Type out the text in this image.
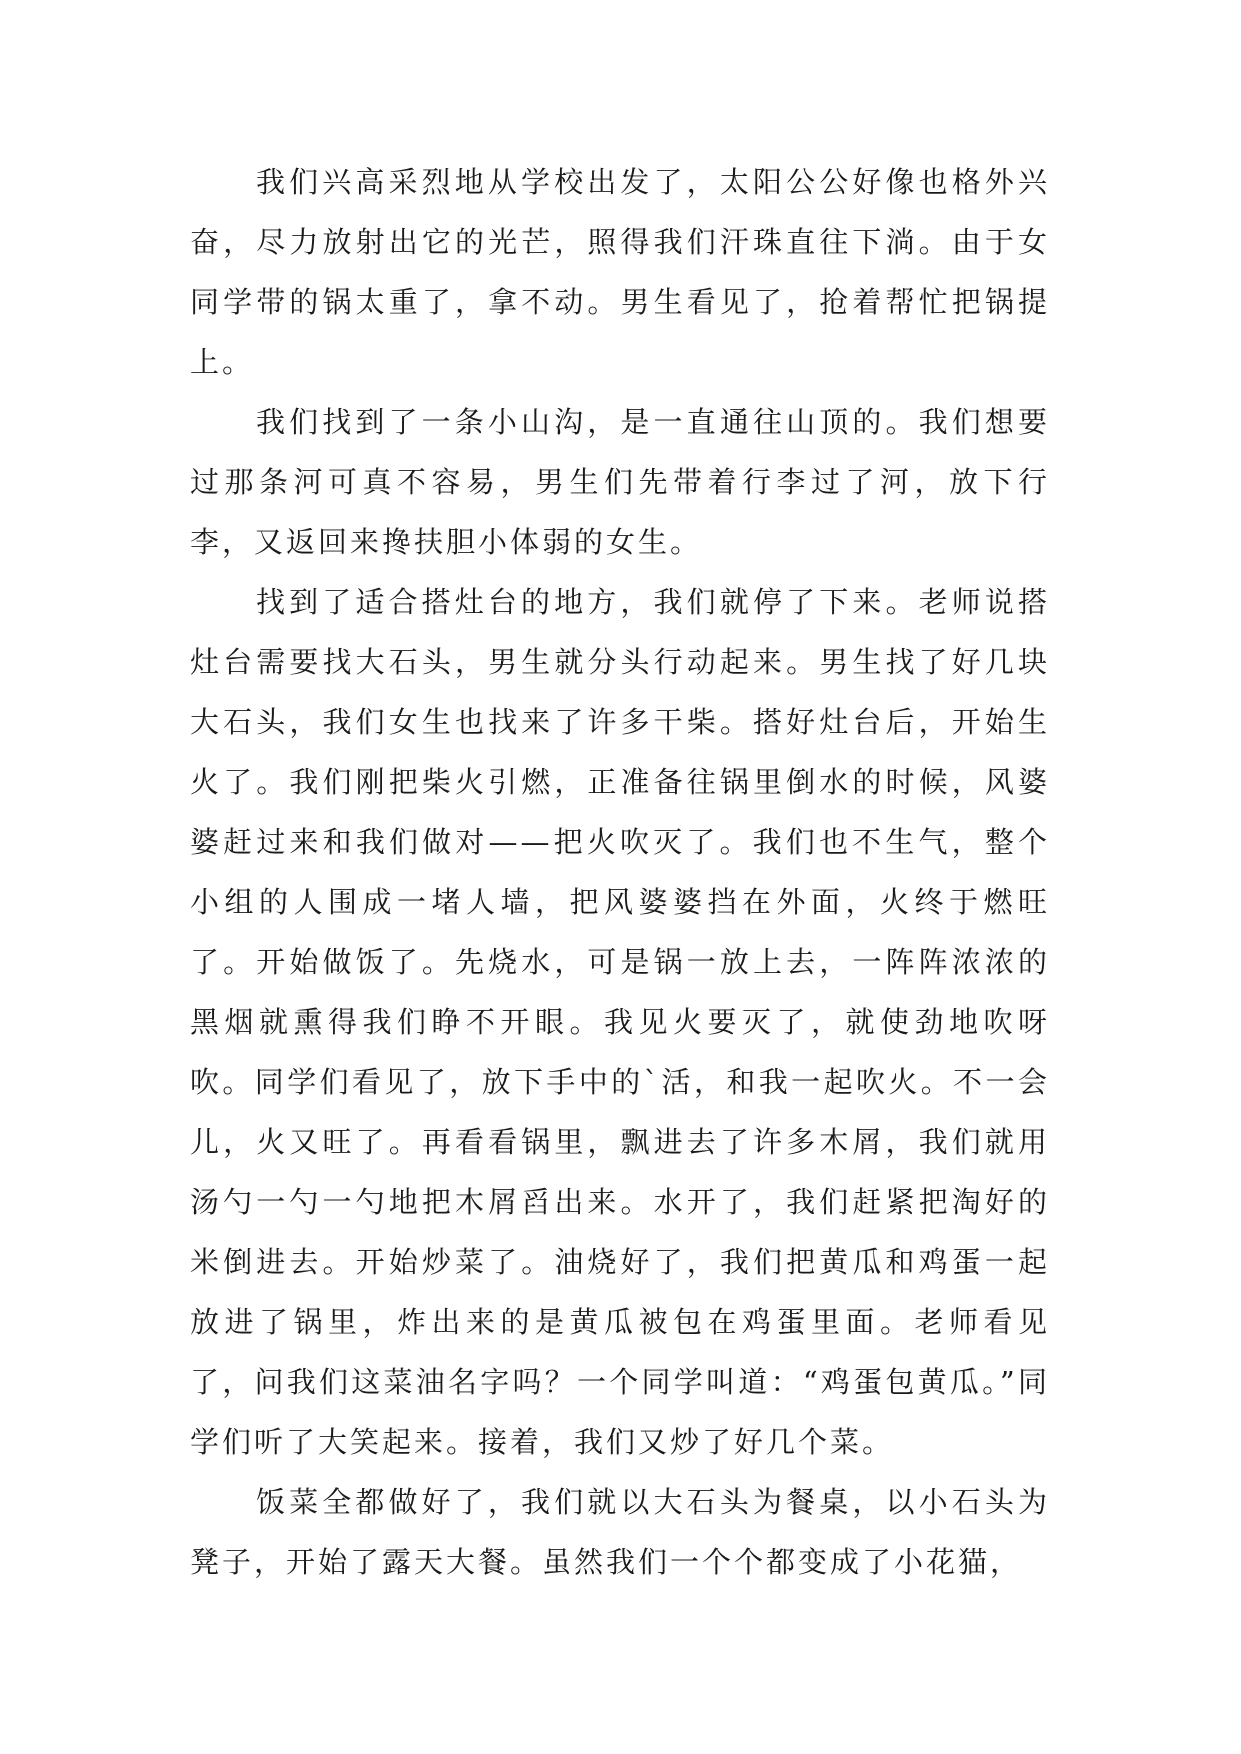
我们兴高采烈地从学校出发了，太阳公公好像也格外兴奋，尽力放射出它的光芒，照得我们汗珠直往下淌。由于女同学带的锅太重了，拿不动。男生看见了，抢着帮忙把锅提上。

我们找到了一条小山沟，是一直通往山顶的。我们想要过那条河可真不容易，男生们先带着行李过了河，放下行李，又返回来搀扶胆小体弱的女生。

找到了适合搭灶台的地方，我们就停了下来。老师说搭灶台需要找大石头，男生就分头行动起来。男生找了好几块大石头，我们女生也找来了许多干柴。搭好灶台后，开始生火了。我们刚把柴火引燃，正准备往锅里倒水的时候，风婆婆赶过来和我们做对——把火吹灭了。我们也不生气，整个小组的人围成一堵人墙，把风婆婆挡在外面，火终于燃旺了。开始做饭了。先烧水，可是锅一放上去，一阵阵浓浓的黑烟就熏得我们睁不开眼。我见火要灭了，就使劲地吹呀吹。同学们看见了，放下手中的`活，和我一起吹火。不一会儿，火又旺了。再看看锅里，飘进去了许多木屑，我们就用汤勺一勺一勺地把木屑舀出来。水开了，我们赶紧把淘好的米倒进去。开始炒菜了。油烧好了，我们把黄瓜和鸡蛋一起放进了锅里，炸出来的是黄瓜被包在鸡蛋里面。老师看见了，问我们这菜油名字吗？一个同学叫道：“鸡蛋包黄瓜。”同学们听了大笑起来。接着，我们又炒了好几个菜。

饭菜全都做好了，我们就以大石头为餐桌，以小石头为凳子，开始了露天大餐。虽然我们一个个都变成了小花猫，
